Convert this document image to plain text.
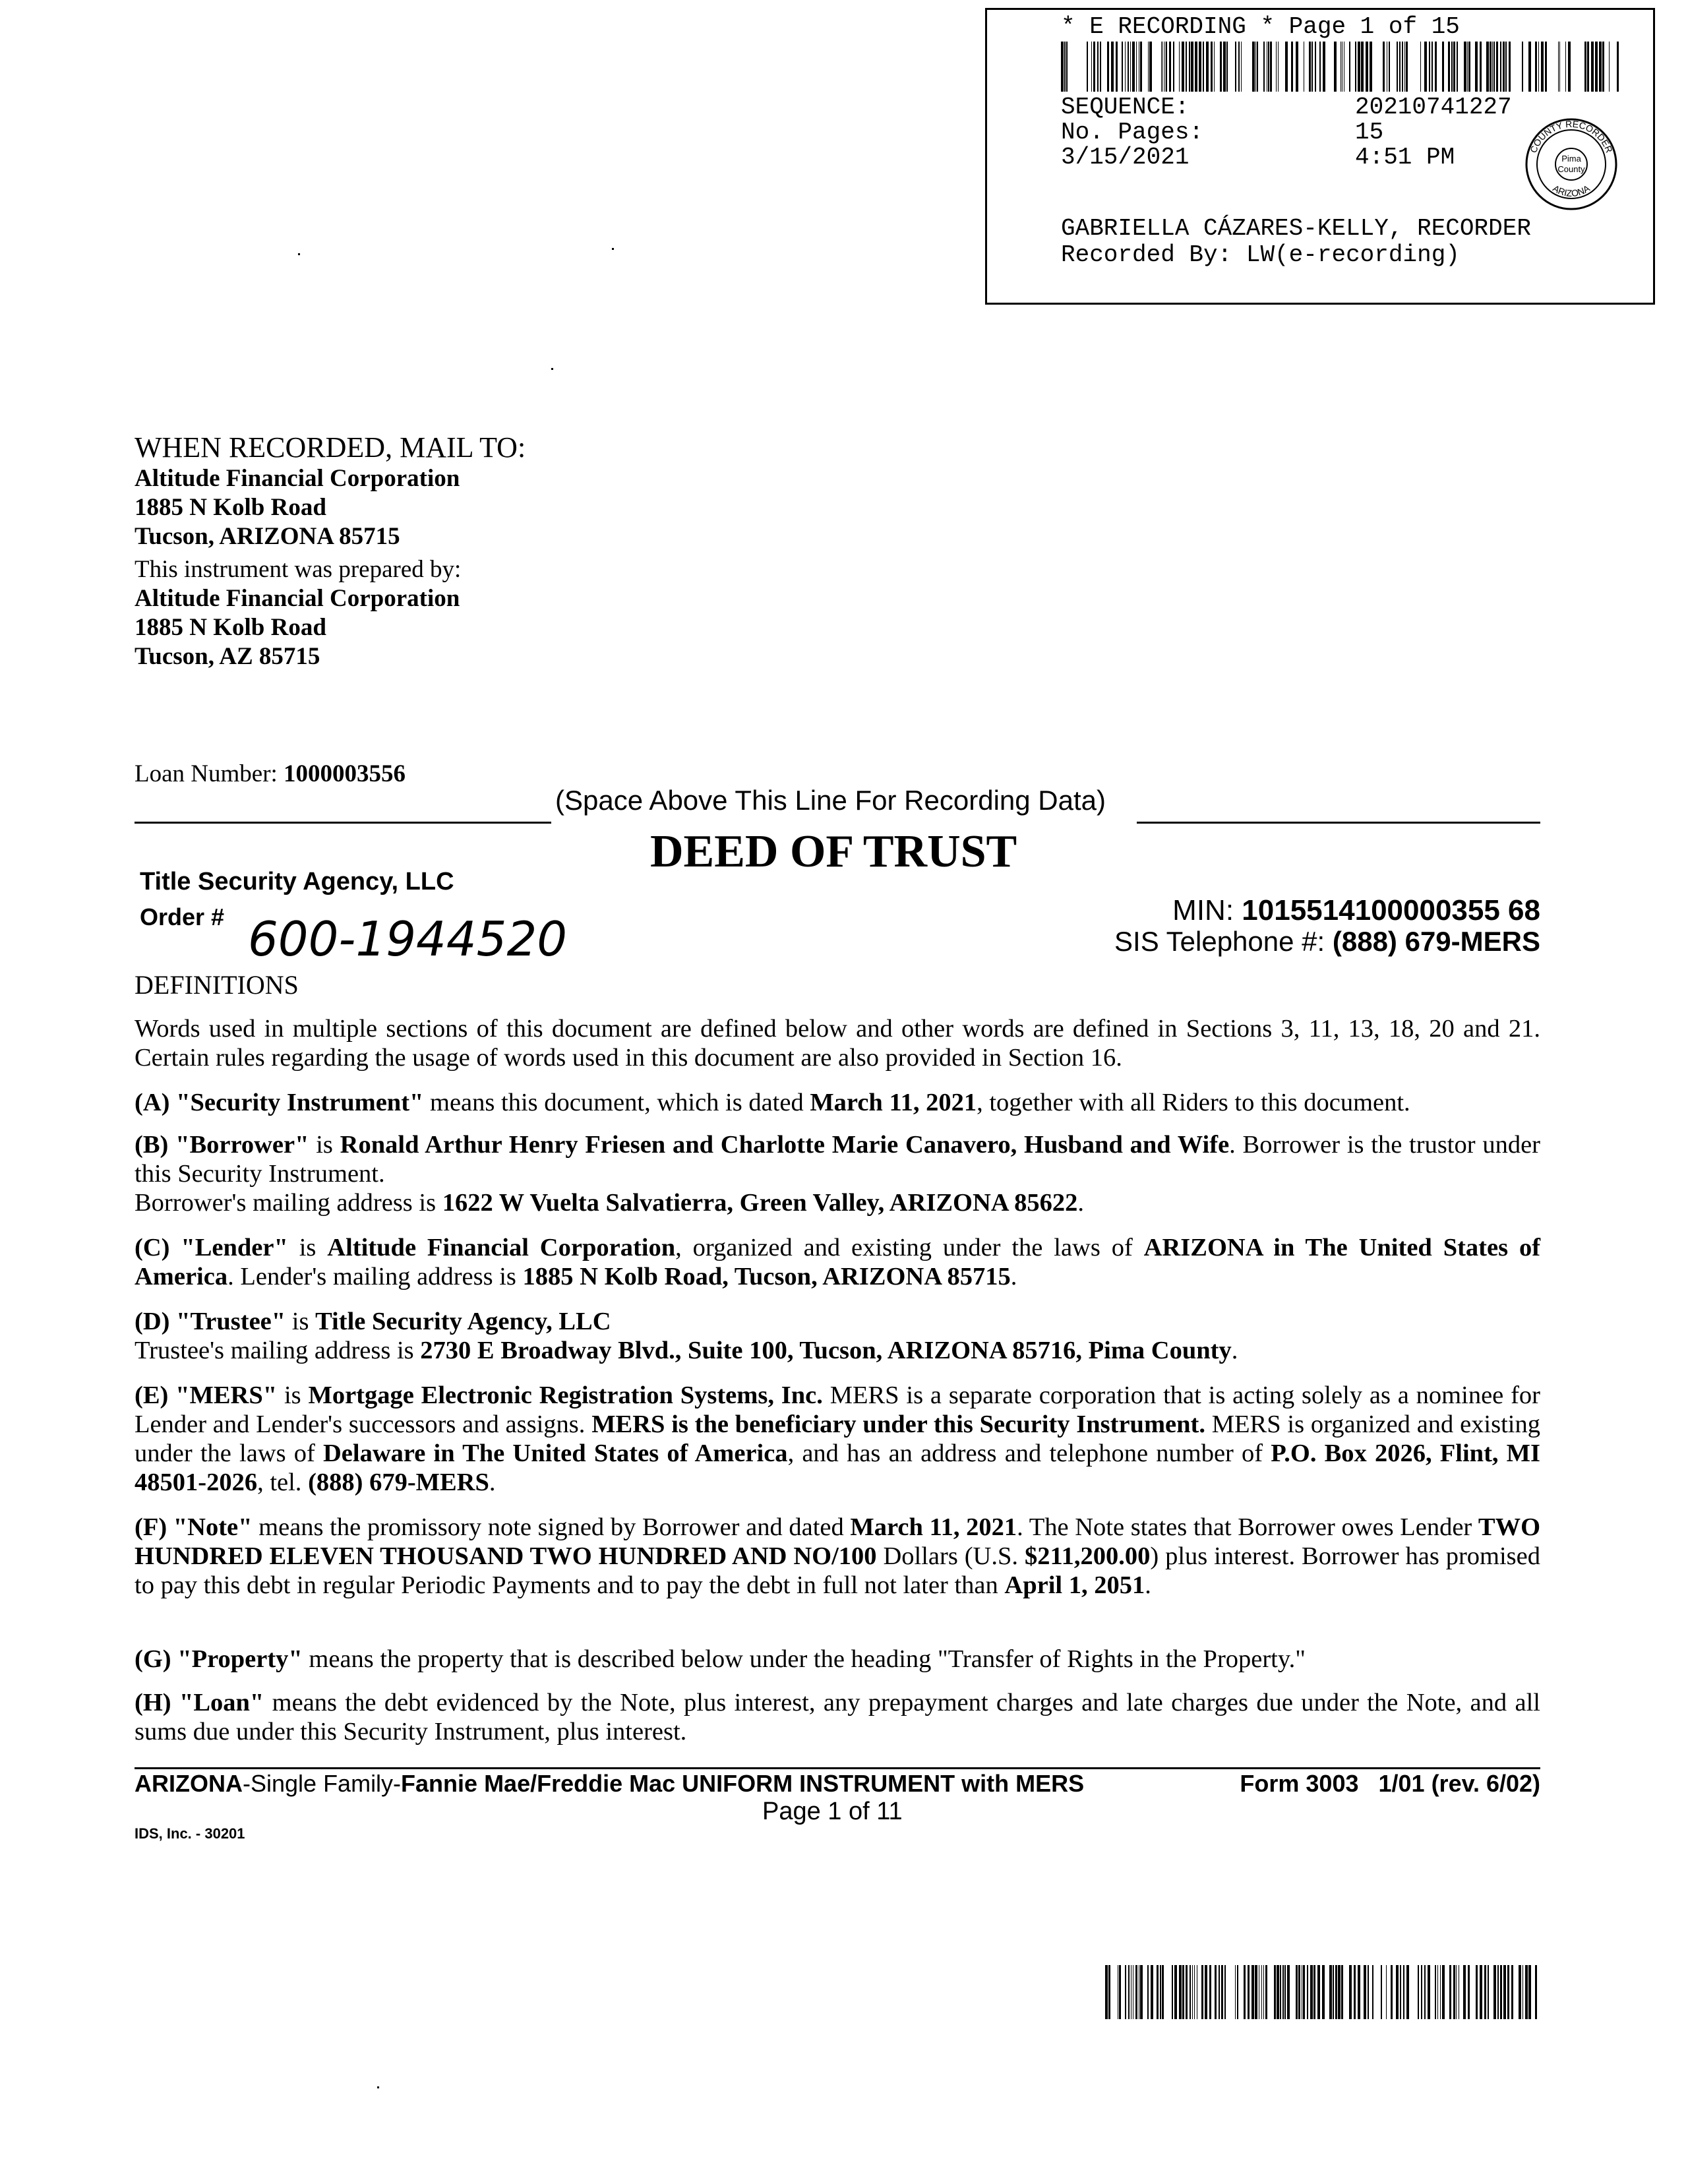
* E RECORDING * Page 1 of 15
SEQUENCE:	20210741227
No. Pages:	15
3/15/2021	4:51 PM	Pima
County
COUNTY RECORDER
ARIZONA
GABRIELLA CÁZARES-KELLY, RECORDER
Recorded By: LW(e-recording)
WHEN RECORDED, MAIL TO:
Altitude Financial Corporation
1885 N Kolb Road
Tucson, ARIZONA 85715
This instrument was prepared by:
Altitude Financial Corporation
1885 N Kolb Road
Tucson, AZ 85715
Loan Number: 1000003556
(Space Above This Line For Recording Data)
DEED OF TRUST
Title Security Agency, LLC
Order # 600-1944520
MIN: 1015514100000355 68
SIS Telephone #: (888) 679-MERS
DEFINITIONS

Words used in multiple sections of this document are defined below and other words are defined in Sections 3, 11, 13, 18, 20 and 21. Certain rules regarding the usage of words used in this document are also provided in Section 16.

(A) "Security Instrument" means this document, which is dated March 11, 2021, together with all Riders to this document.

(B) "Borrower" is Ronald Arthur Henry Friesen and Charlotte Marie Canavero, Husband and Wife. Borrower is the trustor under this Security Instrument.

Borrower's mailing address is 1622 W Vuelta Salvatierra, Green Valley, ARIZONA 85622.

(C) "Lender" is Altitude Financial Corporation, organized and existing under the laws of ARIZONA in The United States of America. Lender's mailing address is 1885 N Kolb Road, Tucson, ARIZONA 85715.

(D) "Trustee" is Title Security Agency, LLC

Trustee's mailing address is 2730 E Broadway Blvd., Suite 100, Tucson, ARIZONA 85716, Pima County.

(E) "MERS" is Mortgage Electronic Registration Systems, Inc. MERS is a separate corporation that is acting solely as a nominee for Lender and Lender's successors and assigns. MERS is the beneficiary under this Security Instrument. MERS is organized and existing under the laws of Delaware in The United States of America, and has an address and telephone number of P.O. Box 2026, Flint, MI 48501-2026, tel. (888) 679-MERS.

(F) "Note" means the promissory note signed by Borrower and dated March 11, 2021. The Note states that Borrower owes Lender TWO HUNDRED ELEVEN THOUSAND TWO HUNDRED AND NO/100 Dollars (U.S. $211,200.00) plus interest. Borrower has promised to pay this debt in regular Periodic Payments and to pay the debt in full not later than April 1, 2051.

(G) "Property" means the property that is described below under the heading "Transfer of Rights in the Property."

(H) "Loan" means the debt evidenced by the Note, plus interest, any prepayment charges and late charges due under the Note, and all sums due under this Security Instrument, plus interest.

ARIZONA-Single Family-Fannie Mae/Freddie Mac UNIFORM INSTRUMENT with MERS	Form 3003   1/01 (rev. 6/02)
Page 1 of 11
IDS, Inc. - 30201
